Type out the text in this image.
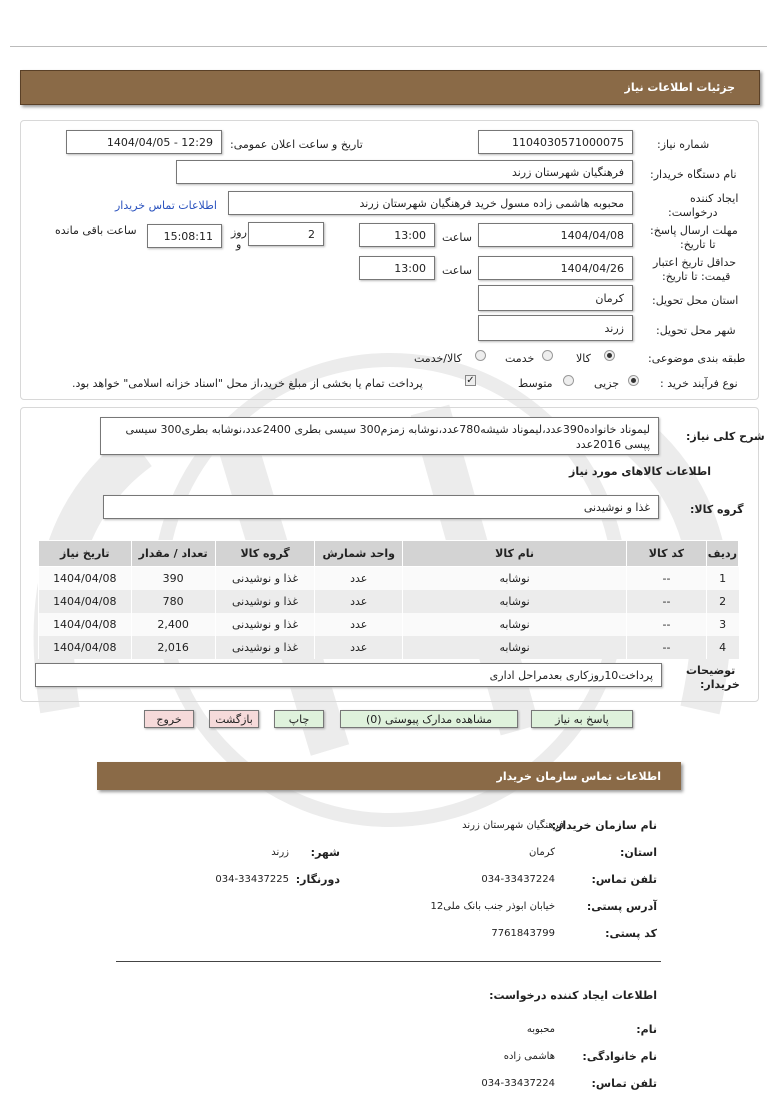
جزئیات اطلاعات نیاز
شماره نیاز:
1104030571000075
تاریخ و ساعت اعلان عمومی:
1404/04/05 - 12:29
نام دستگاه خریدار:
فرهنگیان شهرستان زرند
ایجاد کننده
درخواست:
محبوبه هاشمی زاده مسول خرید فرهنگیان شهرستان زرند
اطلاعات تماس خریدار
مهلت ارسال پاسخ:
تا تاریخ:
1404/04/08
ساعت
13:00
2
روز
و
15:08:11
ساعت باقی مانده
حداقل تاریخ اعتبار
قیمت: تا تاریخ:
1404/04/26
ساعت
13:00
استان محل تحویل:
کرمان
شهر محل تحویل:
زرند
طبقه بندی موضوعی:
کالا
خدمت
کالا/خدمت
نوع فرآیند خرید :
جزیی
متوسط
✓
پرداخت تمام یا بخشی از مبلغ خرید،از محل "اسناد خزانه اسلامی" خواهد بود.
شرح کلی نیاز:
لیموناد خانواده390عدد،لیموناد شیشه780عدد،نوشابه زمزم300 سیسی بطری 2400عدد،نوشابه بطری300 سیسی پپسی 2016عدد
اطلاعات کالاهای مورد نیاز
گروه کالا:
غذا و نوشیدنی
ردیف	کد کالا	نام کالا	واحد شمارش	گروه کالا	تعداد / مقدار	تاریخ نیاز
1	--	نوشابه	عدد	غذا و نوشیدنی	390	1404/04/08
2	--	نوشابه	عدد	غذا و نوشیدنی	780	1404/04/08
3	--	نوشابه	عدد	غذا و نوشیدنی	2,400	1404/04/08
4	--	نوشابه	عدد	غذا و نوشیدنی	2,016	1404/04/08
توضیحات
خریدار:
پرداخت10روزکاری بعدمراحل اداری
پاسخ به نیاز
مشاهده مدارک پیوستی (0)
چاپ
بازگشت
خروج
اطلاعات تماس سازمان خریدار
نام سازمان خریدار:
فرهنگیان شهرستان زرند
استان:
کرمان
شهر:
زرند
تلفن تماس:
034-33437224
دورنگار:
034-33437225
آدرس پستی:
خیابان ابوذر جنب بانک ملی12
کد پستی:
7761843799
اطلاعات ایجاد کننده درخواست:
نام:
محبوبه
نام خانوادگی:
هاشمی زاده
تلفن تماس:
034-33437224
